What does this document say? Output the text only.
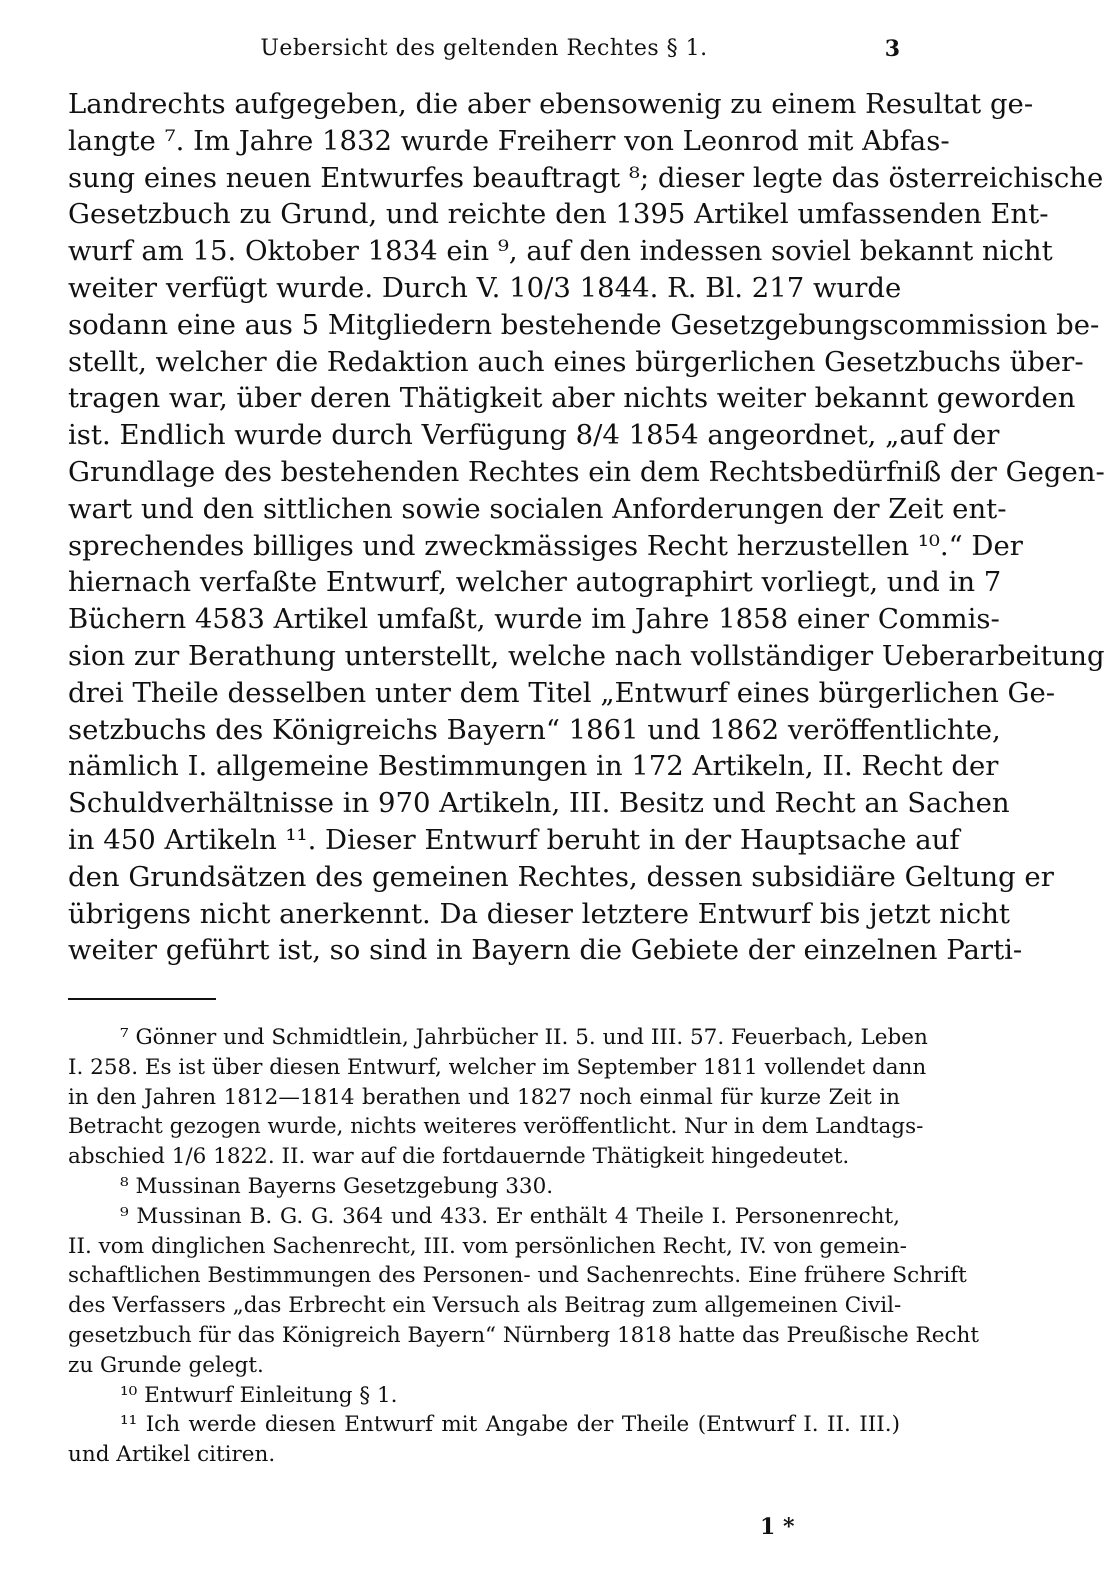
Uebersicht des geltenden Rechtes § 1.	3
Landrechts aufgegeben, die aber ebensowenig zu einem Resultat ge-
langte ⁷. Im Jahre 1832 wurde Freiherr von Leonrod mit Abfas-
sung eines neuen Entwurfes beauftragt ⁸; dieser legte das österreichische
Gesetzbuch zu Grund, und reichte den 1395 Artikel umfassenden Ent-
wurf am 15. Oktober 1834 ein ⁹, auf den indessen soviel bekannt nicht
weiter verfügt wurde. Durch V. 10/3 1844. R. Bl. 217 wurde
sodann eine aus 5 Mitgliedern bestehende Gesetzgebungscommission be-
stellt, welcher die Redaktion auch eines bürgerlichen Gesetzbuchs über-
tragen war, über deren Thätigkeit aber nichts weiter bekannt geworden
ist. Endlich wurde durch Verfügung 8/4 1854 angeordnet, „auf der
Grundlage des bestehenden Rechtes ein dem Rechtsbedürfniß der Gegen-
wart und den sittlichen sowie socialen Anforderungen der Zeit ent-
sprechendes billiges und zweckmässiges Recht herzustellen ¹⁰.“ Der
hiernach verfaßte Entwurf, welcher autographirt vorliegt, und in 7
Büchern 4583 Artikel umfaßt, wurde im Jahre 1858 einer Commis-
sion zur Berathung unterstellt, welche nach vollständiger Ueberarbeitung
drei Theile desselben unter dem Titel „Entwurf eines bürgerlichen Ge-
setzbuchs des Königreichs Bayern“ 1861 und 1862 veröffentlichte,
nämlich I. allgemeine Bestimmungen in 172 Artikeln, II. Recht der
Schuldverhältnisse in 970 Artikeln, III. Besitz und Recht an Sachen
in 450 Artikeln ¹¹. Dieser Entwurf beruht in der Hauptsache auf
den Grundsätzen des gemeinen Rechtes, dessen subsidiäre Geltung er
übrigens nicht anerkennt. Da dieser letztere Entwurf bis jetzt nicht
weiter geführt ist, so sind in Bayern die Gebiete der einzelnen Parti-
⁷ Gönner und Schmidtlein, Jahrbücher II. 5. und III. 57. Feuerbach, Leben
I. 258. Es ist über diesen Entwurf, welcher im September 1811 vollendet dann
in den Jahren 1812—1814 berathen und 1827 noch einmal für kurze Zeit in
Betracht gezogen wurde, nichts weiteres veröffentlicht. Nur in dem Landtags-
abschied 1/6 1822. II. war auf die fortdauernde Thätigkeit hingedeutet.
⁸ Mussinan Bayerns Gesetzgebung 330.
⁹ Mussinan B. G. G. 364 und 433. Er enthält 4 Theile I. Personenrecht,
II. vom dinglichen Sachenrecht, III. vom persönlichen Recht, IV. von gemein-
schaftlichen Bestimmungen des Personen- und Sachenrechts. Eine frühere Schrift
des Verfassers „das Erbrecht ein Versuch als Beitrag zum allgemeinen Civil-
gesetzbuch für das Königreich Bayern“ Nürnberg 1818 hatte das Preußische Recht
zu Grunde gelegt.
¹⁰ Entwurf Einleitung § 1.
¹¹ Ich werde diesen Entwurf mit Angabe der Theile (Entwurf I. II. III.)
und Artikel citiren.
1 *
